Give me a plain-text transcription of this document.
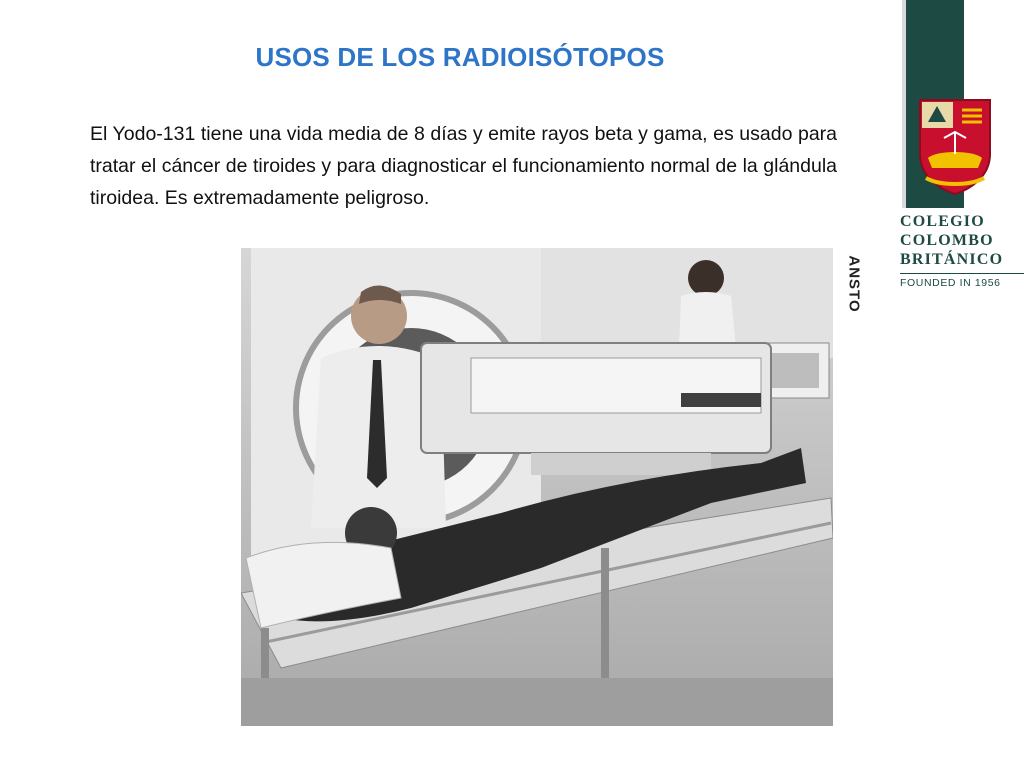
USOS DE LOS RADIOISÓTOPOS
El Yodo-131 tiene una vida media de 8 días y emite rayos beta y gama, es usado para tratar el cáncer de tiroides y para diagnosticar el funcionamiento normal de la glándula tiroidea. Es extremadamente peligroso.
COLEGIO
COLOMBO
BRITÁNICO
FOUNDED IN 1956
ANSTO
